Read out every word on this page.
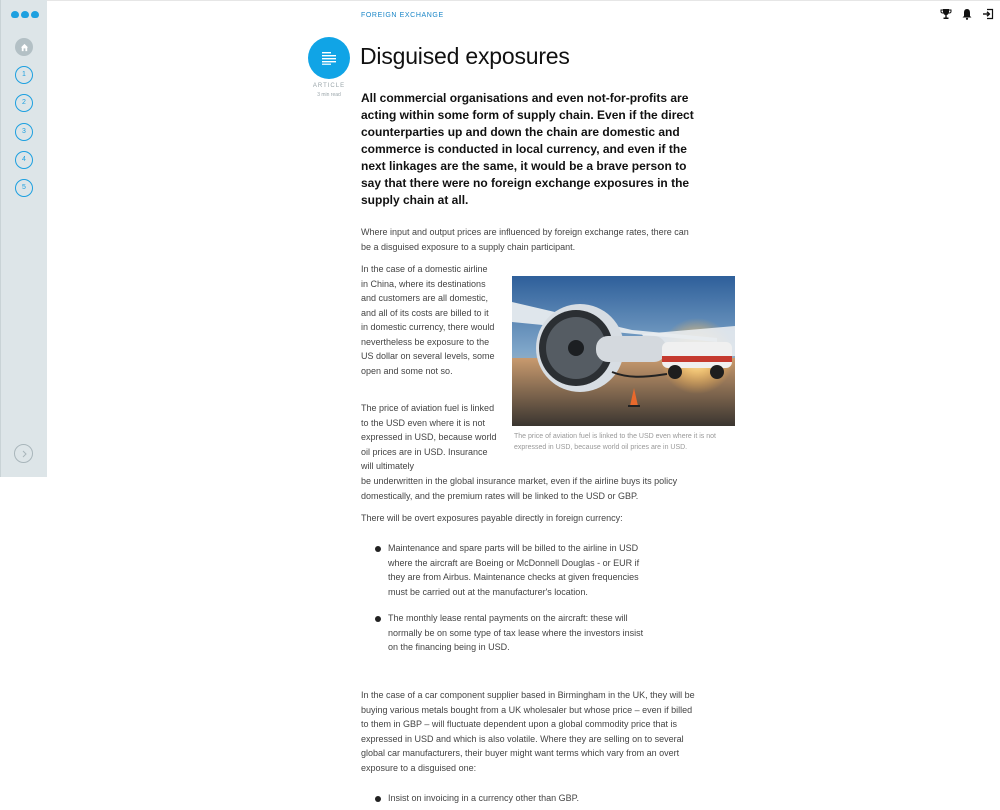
1
2
3
4
5
FOREIGN EXCHANGE
ARTICLE
3 min read
Disguised exposures

All commercial organisations and even not-for-profits are acting within some form of supply chain. Even if the direct counterparties up and down the chain are domestic and commerce is conducted in local currency, and even if the next linkages are the same, it would be a brave person to say that there were no foreign exchange exposures in the supply chain at all.

Where input and output prices are influenced by foreign exchange rates, there can be a disguised exposure to a supply chain participant.

In the case of a domestic airline in China, where its destinations and customers are all domestic, and all of its costs are billed to it in domestic currency, there would nevertheless be exposure to the US dollar on several levels, some open and some not so.

The price of aviation fuel is linked to the USD even where it is not expressed in USD, because world oil prices are in USD. Insurance will ultimately

be underwritten in the global insurance market, even if the airline buys its policy domestically, and the premium rates will be linked to the USD or GBP.

There will be overt exposures payable directly in foreign currency:

The price of aviation fuel is linked to the USD even where it is not expressed in USD, because world oil prices are in USD.
Maintenance and spare parts will be billed to the airline in USD where the aircraft are Boeing or McDonnell Douglas - or EUR if they are from Airbus. Maintenance checks at given frequencies must be carried out at the manufacturer's location.
The monthly lease rental payments on the aircraft: these will normally be on some type of tax lease where the investors insist on the financing being in USD.

In the case of a car component supplier based in Birmingham in the UK, they will be buying various metals bought from a UK wholesaler but whose price – even if billed to them in GBP – will fluctuate dependent upon a global commodity price that is expressed in USD and which is also volatile. Where they are selling on to several global car manufacturers, their buyer might want terms which vary from an overt exposure to a disguised one:

Insist on invoicing in a currency other than GBP.
